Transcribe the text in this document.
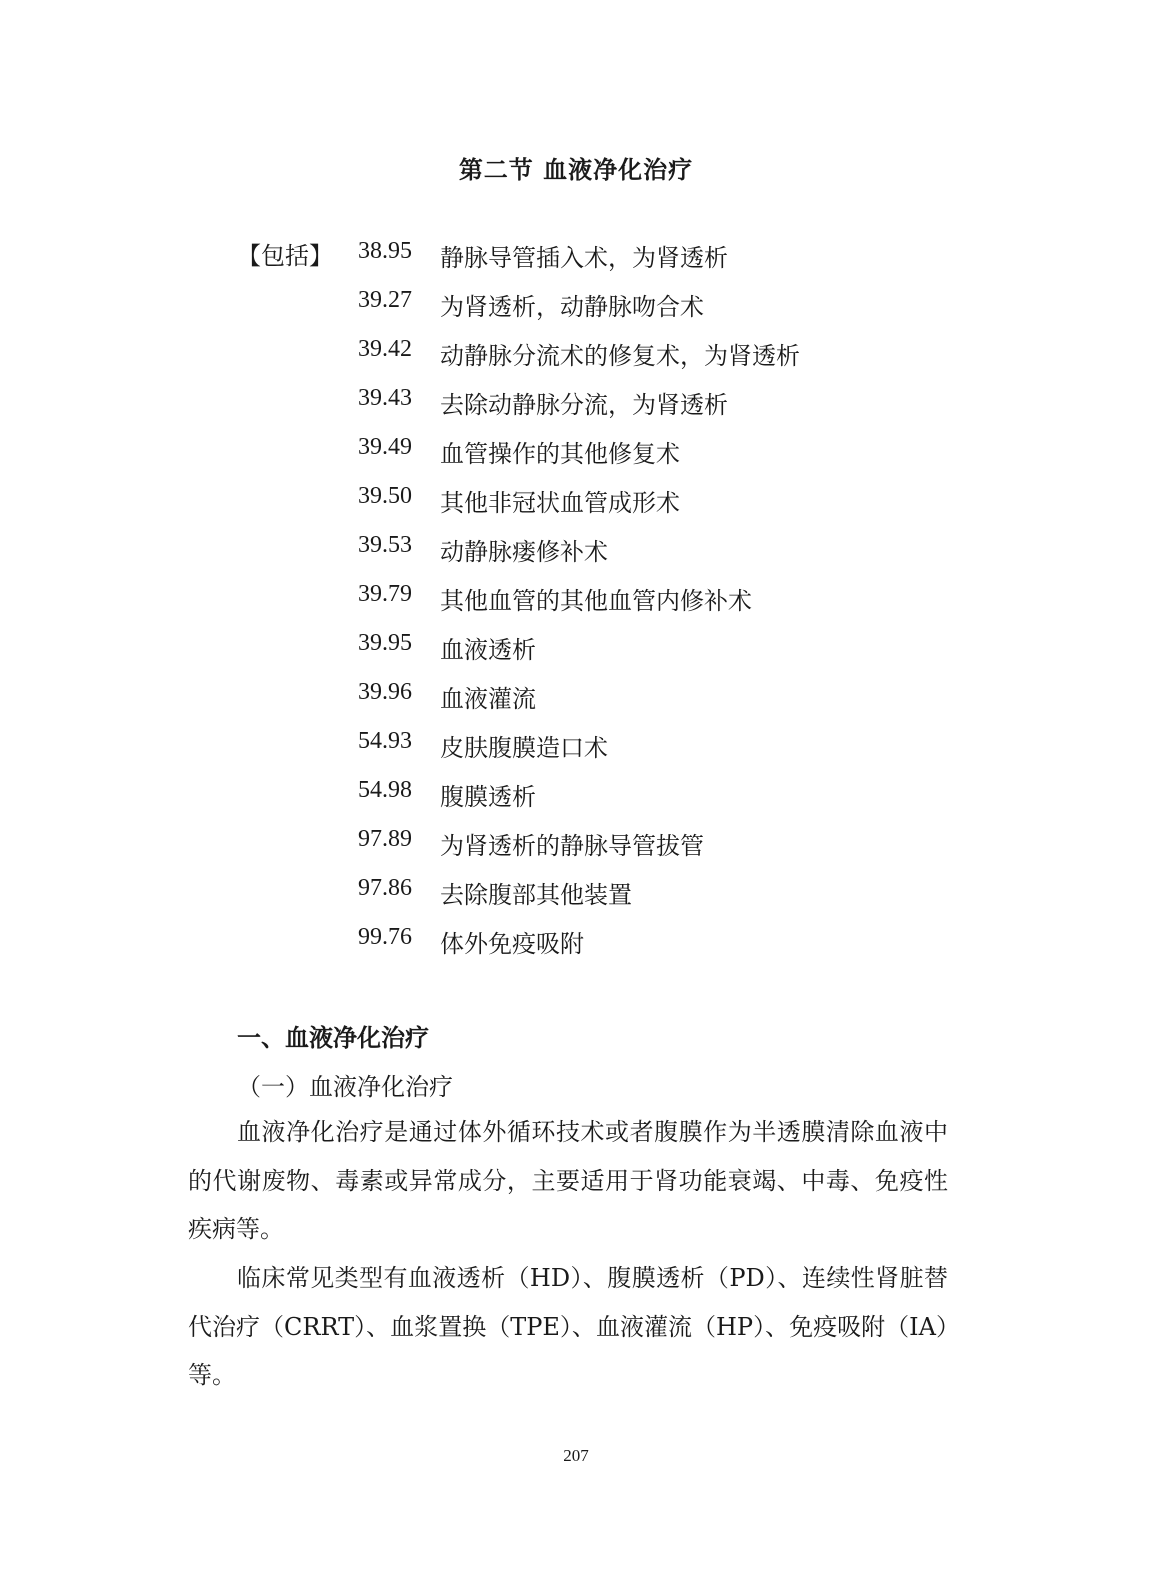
第二节 血液净化治疗
【包括】 38.95	静脉导管插入术，为肾透析
39.27	为肾透析，动静脉吻合术
39.42	动静脉分流术的修复术，为肾透析
39.43	去除动静脉分流，为肾透析
39.49	血管操作的其他修复术
39.50	其他非冠状血管成形术
39.53	动静脉瘘修补术
39.79	其他血管的其他血管内修补术
39.95	血液透析
39.96	血液灌流
54.93	皮肤腹膜造口术
54.98	腹膜透析
97.89	为肾透析的静脉导管拔管
97.86	去除腹部其他装置
99.76	体外免疫吸附
一、血液净化治疗
（一）血液净化治疗

血液净化治疗是通过体外循环技术或者腹膜作为半透膜清除血液中的代谢废物、毒素或异常成分，主要适用于肾功能衰竭、中毒、免疫性疾病等。

临床常见类型有血液透析（HD）、腹膜透析（PD）、连续性肾脏替代治疗（CRRT）、血浆置换（TPE）、血液灌流（HP）、免疫吸附（IA）等。

207
